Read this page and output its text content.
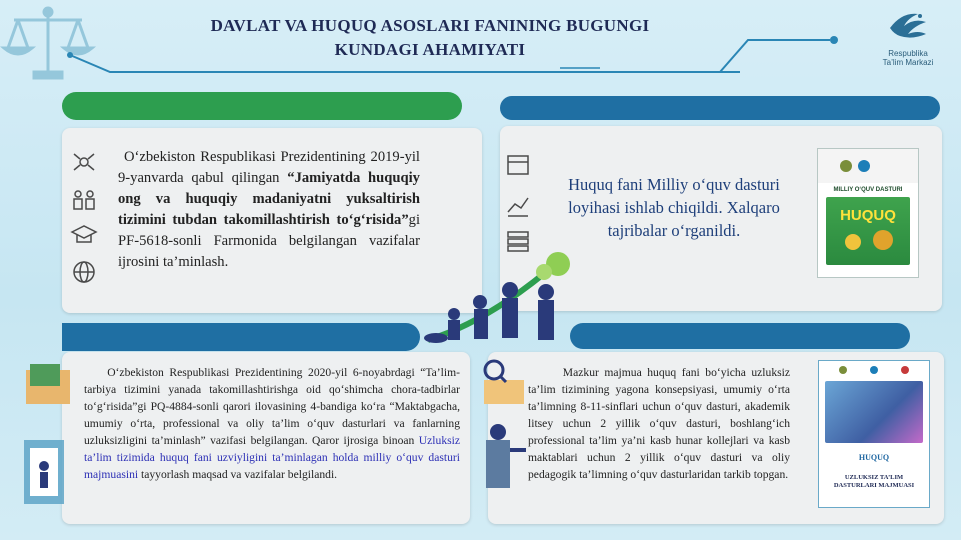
DAVLAT VA HUQUQ ASOSLARI FANINING BUGUNGI
KUNDAGI AHAMIYATI	Respublika
Ta’lim Markazi
O‘zbekiston Respublikasi Prezidentining 2019-yil 9-yanvarda qabul qilingan “Jamiyatda huquqiy ong va huquqiy madaniyatni yuksaltirish tizimini tubdan takomillashtirish to‘g‘risida”gi PF-5618-sonli Farmonida belgilangan vazifalar ijrosini ta’minlash.
Huquq fani Milliy o‘quv dasturi loyihasi ishlab chiqildi. Xalqaro tajribalar o‘rganildi.
MILLIY O‘QUV DASTURI
HUQUQ
O‘zbekiston Respublikasi Prezidentining 2020-yil 6-noyabrdagi “Ta’lim-tarbiya tizimini yanada takomillashtirishga oid qo‘shimcha chora-tadbirlar to‘g‘risida”gi PQ-4884-sonli qarori ilovasining 4-bandiga ko‘ra “Maktabgacha, umumiy o‘rta, professional va oliy ta’lim o‘quv dasturlari va fanlarning uzluksizligini ta’minlash” vazifasi belgilangan. Qaror ijrosiga binoan Uzluksiz ta’lim tizimida huquq fani uzviyligini ta’minlagan holda milliy o‘quv dasturi majmuasini tayyorlash maqsad va vazifalar belgilandi.
Mazkur majmua huquq fani bo‘yicha uzluksiz ta’lim tizimining yagona konsepsiyasi, umumiy o‘rta ta’limning 8-11-sinflari uchun o‘quv dasturi, akademik litsey uchun 2 yillik o‘quv dasturi, boshlang‘ich professional ta’lim ya’ni kasb hunar kollejlari va kasb maktablari uchun 2 yillik o‘quv dasturi va oliy pedagogik ta’limning o‘quv dasturlaridan tarkib topgan.
HUQUQ
UZLUKSIZ TA’LIM DASTURLARI MAJMUASI
